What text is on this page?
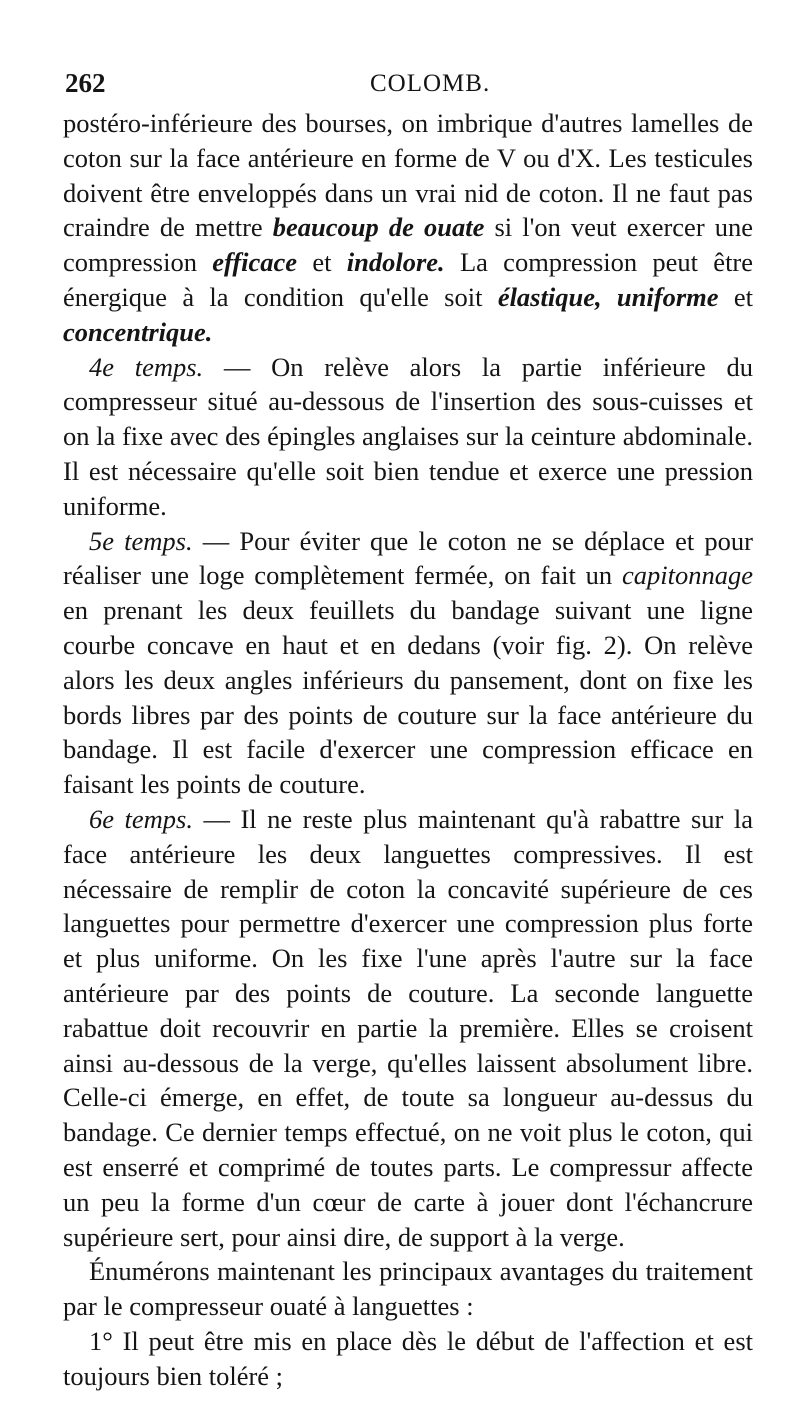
262	COLOMB.

postéro-inférieure des bourses, on imbrique d'autres lamelles de coton sur la face antérieure en forme de V ou d'X. Les testicules doivent être enveloppés dans un vrai nid de coton. Il ne faut pas craindre de mettre beaucoup de ouate si l'on veut exercer une compression efficace et indolore. La compression peut être énergique à la condition qu'elle soit élastique, uniforme et concentrique.

4e temps. — On relève alors la partie inférieure du compresseur situé au-dessous de l'insertion des sous-cuisses et on la fixe avec des épingles anglaises sur la ceinture abdominale. Il est nécessaire qu'elle soit bien tendue et exerce une pression uniforme.

5e temps. — Pour éviter que le coton ne se déplace et pour réaliser une loge complètement fermée, on fait un capitonnage en prenant les deux feuillets du bandage suivant une ligne courbe concave en haut et en dedans (voir fig. 2). On relève alors les deux angles inférieurs du pansement, dont on fixe les bords libres par des points de couture sur la face antérieure du bandage. Il est facile d'exercer une compression efficace en faisant les points de couture.

6e temps. — Il ne reste plus maintenant qu'à rabattre sur la face antérieure les deux languettes compressives. Il est nécessaire de remplir de coton la concavité supérieure de ces languettes pour permettre d'exercer une compression plus forte et plus uniforme. On les fixe l'une après l'autre sur la face antérieure par des points de couture. La seconde languette rabattue doit recouvrir en partie la première. Elles se croisent ainsi au-dessous de la verge, qu'elles laissent absolument libre. Celle-ci émerge, en effet, de toute sa longueur au-dessus du bandage. Ce dernier temps effectué, on ne voit plus le coton, qui est enserré et comprimé de toutes parts. Le compressur affecte un peu la forme d'un cœur de carte à jouer dont l'échancrure supérieure sert, pour ainsi dire, de support à la verge.

Énumérons maintenant les principaux avantages du traitement par le compresseur ouaté à languettes :

1° Il peut être mis en place dès le début de l'affection et est toujours bien toléré ;
